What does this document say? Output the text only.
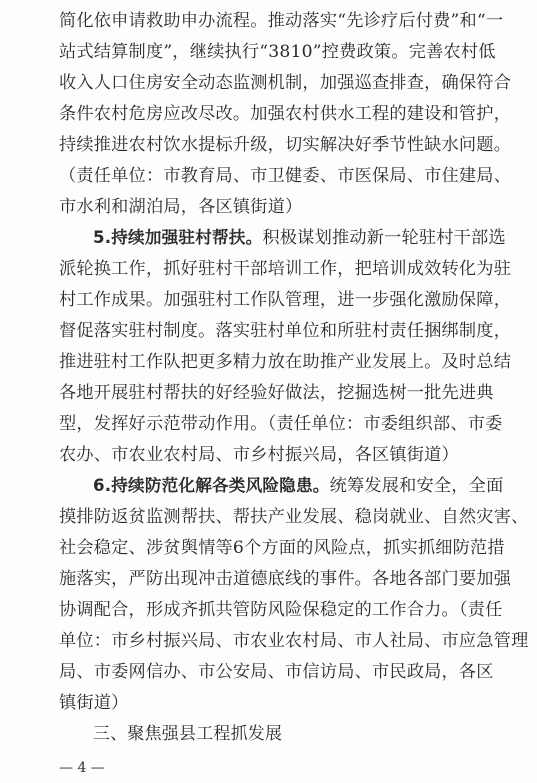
简化依申请救助申办流程。推动落实“先诊疗后付费”和“一
站式结算制度”，继续执行“3810”控费政策。完善农村低
收入人口住房安全动态监测机制，加强巡查排查，确保符合
条件农村危房应改尽改。加强农村供水工程的建设和管护，
持续推进农村饮水提标升级，切实解决好季节性缺水问题。
（责任单位：市教育局、市卫健委、市医保局、市住建局、
市水利和湖泊局，各区镇街道）
5.持续加强驻村帮扶。积极谋划推动新一轮驻村干部选
派轮换工作，抓好驻村干部培训工作，把培训成效转化为驻
村工作成果。加强驻村工作队管理，进一步强化激励保障，
督促落实驻村制度。落实驻村单位和所驻村责任捆绑制度，
推进驻村工作队把更多精力放在助推产业发展上。及时总结
各地开展驻村帮扶的好经验好做法，挖掘选树一批先进典
型，发挥好示范带动作用。（责任单位：市委组织部、市委
农办、市农业农村局、市乡村振兴局，各区镇街道）
6.持续防范化解各类风险隐患。统筹发展和安全，全面
摸排防返贫监测帮扶、帮扶产业发展、稳岗就业、自然灾害、
社会稳定、涉贫舆情等6个方面的风险点，抓实抓细防范措
施落实，严防出现冲击道德底线的事件。各地各部门要加强
协调配合，形成齐抓共管防风险保稳定的工作合力。（责任
单位：市乡村振兴局、市农业农村局、市人社局、市应急管理
局、市委网信办、市公安局、市信访局、市民政局，各区
镇街道）
三、聚焦强县工程抓发展
— 4 —
